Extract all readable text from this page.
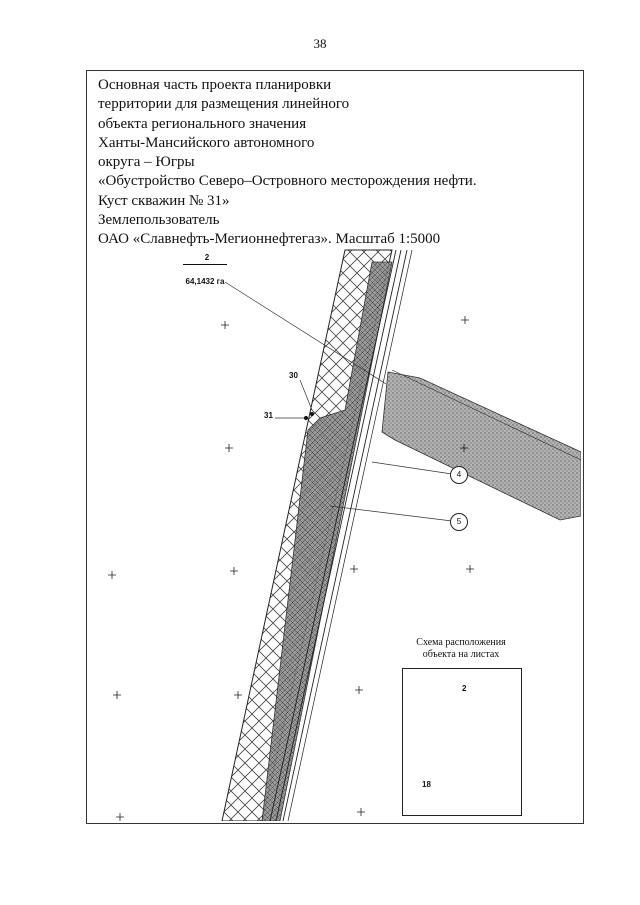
38
Основная часть проекта планировки
территории для размещения линейного
объекта регионального значения
Ханты-Мансийского автономного
округа – Югры
«Обустройство Северо–Островного месторождения нефти.
Куст скважин № 31»
Землепользователь
ОАО «Славнефть-Мегионнефтегаз». Масштаб 1:5000
2
64,1432 га
30
31
4
5
Схема расположения
объекта на листах
2
18
